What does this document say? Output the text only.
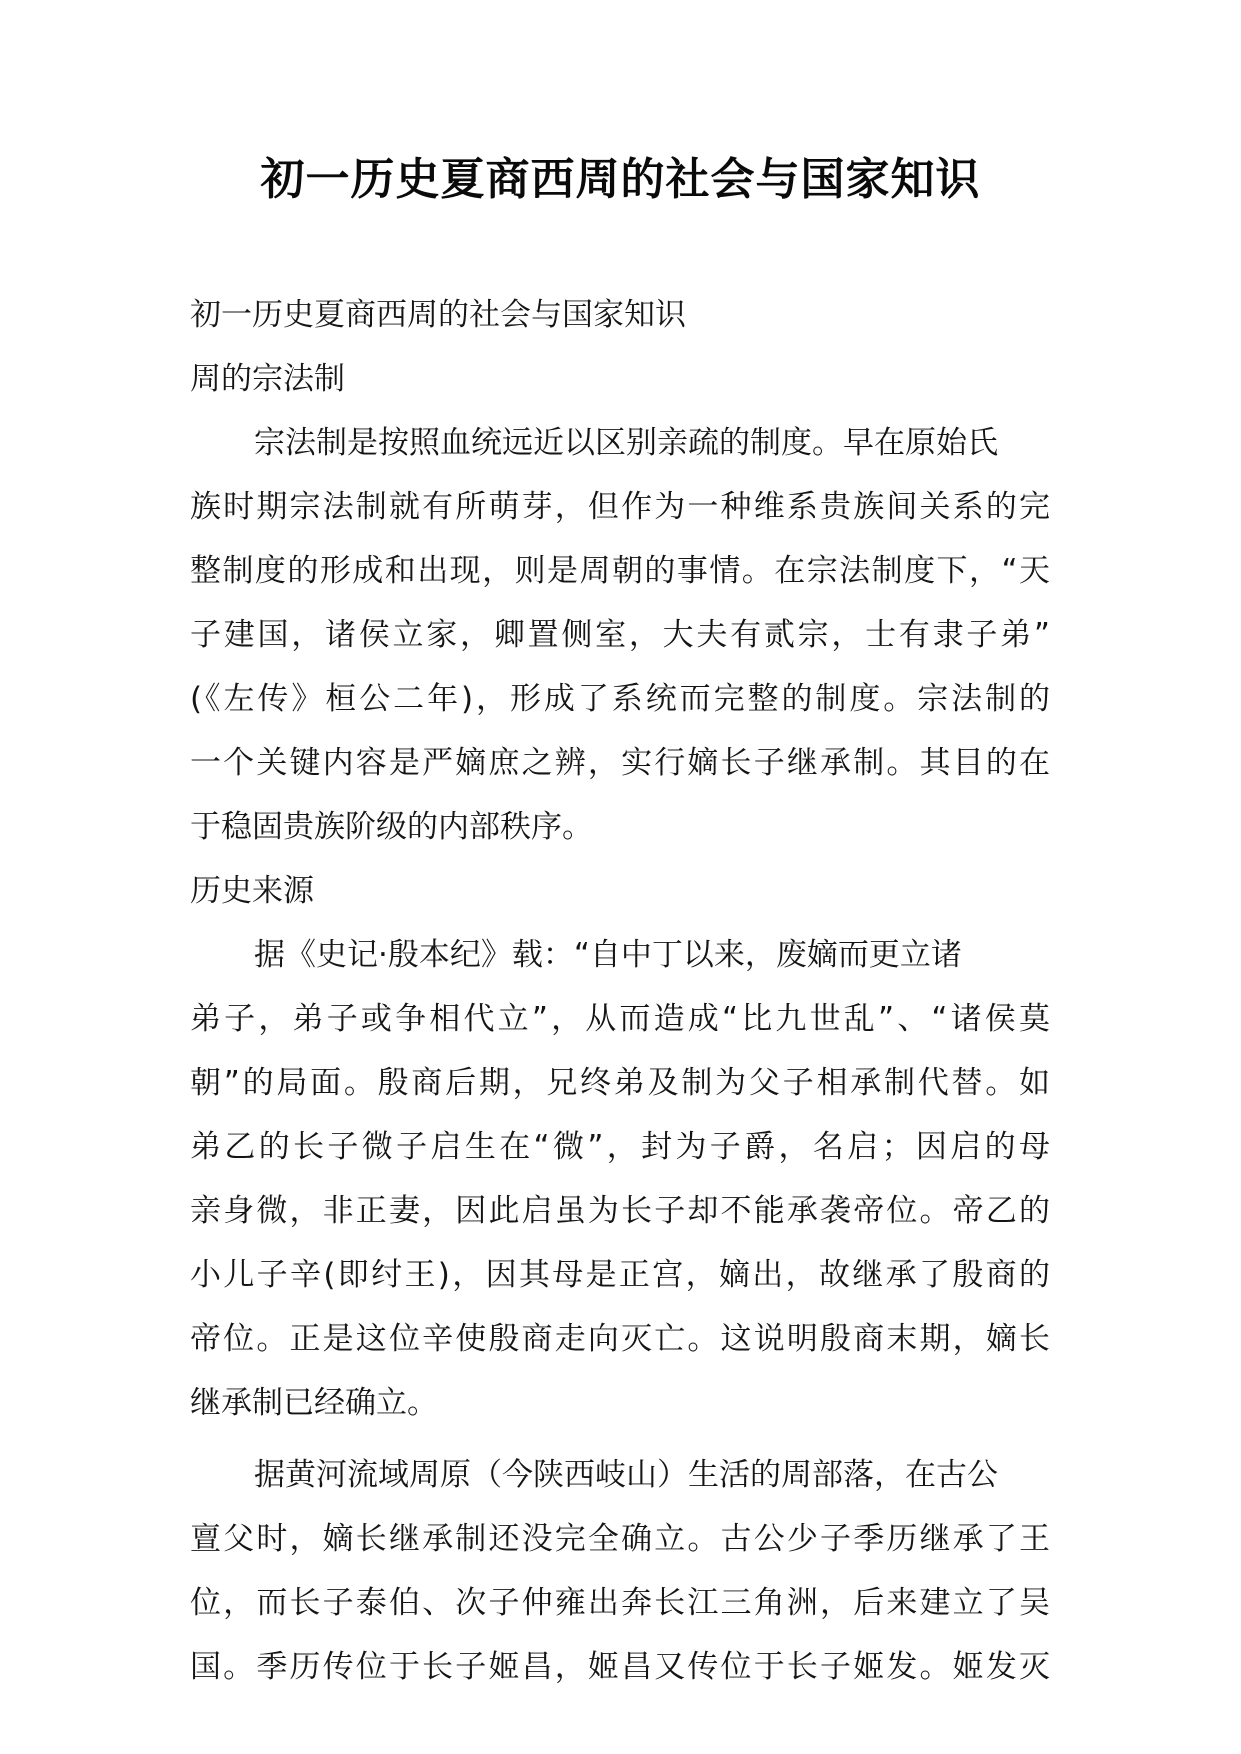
初一历史夏商西周的社会与国家知识

初一历史夏商西周的社会与国家知识

周的宗法制

宗法制是按照血统远近以区别亲疏的制度。早在原始氏
族时期宗法制就有所萌芽，但作为一种维系贵族间关系的完
整制度的形成和出现，则是周朝的事情。在宗法制度下，“天
子建国，诸侯立家，卿置侧室，大夫有贰宗，士有隶子弟”
(《左传》桓公二年)，形成了系统而完整的制度。宗法制的
一个关键内容是严嫡庶之辨，实行嫡长子继承制。其目的在
于稳固贵族阶级的内部秩序。

历史来源

据《史记·殷本纪》载：“自中丁以来，废嫡而更立诸
弟子，弟子或争相代立”，从而造成“比九世乱”、“诸侯莫
朝”的局面。殷商后期，兄终弟及制为父子相承制代替。如
弟乙的长子微子启生在“微”，封为子爵，名启；因启的母
亲身微，非正妻，因此启虽为长子却不能承袭帝位。帝乙的
小儿子辛(即纣王)，因其母是正宫，嫡出，故继承了殷商的
帝位。正是这位辛使殷商走向灭亡。这说明殷商末期，嫡长
继承制已经确立。
据黄河流域周原（今陕西岐山）生活的周部落，在古公
亶父时，嫡长继承制还没完全确立。古公少子季历继承了王
位，而长子泰伯、次子仲雍出奔长江三角洲，后来建立了吴
国。季历传位于长子姬昌，姬昌又传位于长子姬发。姬发灭
